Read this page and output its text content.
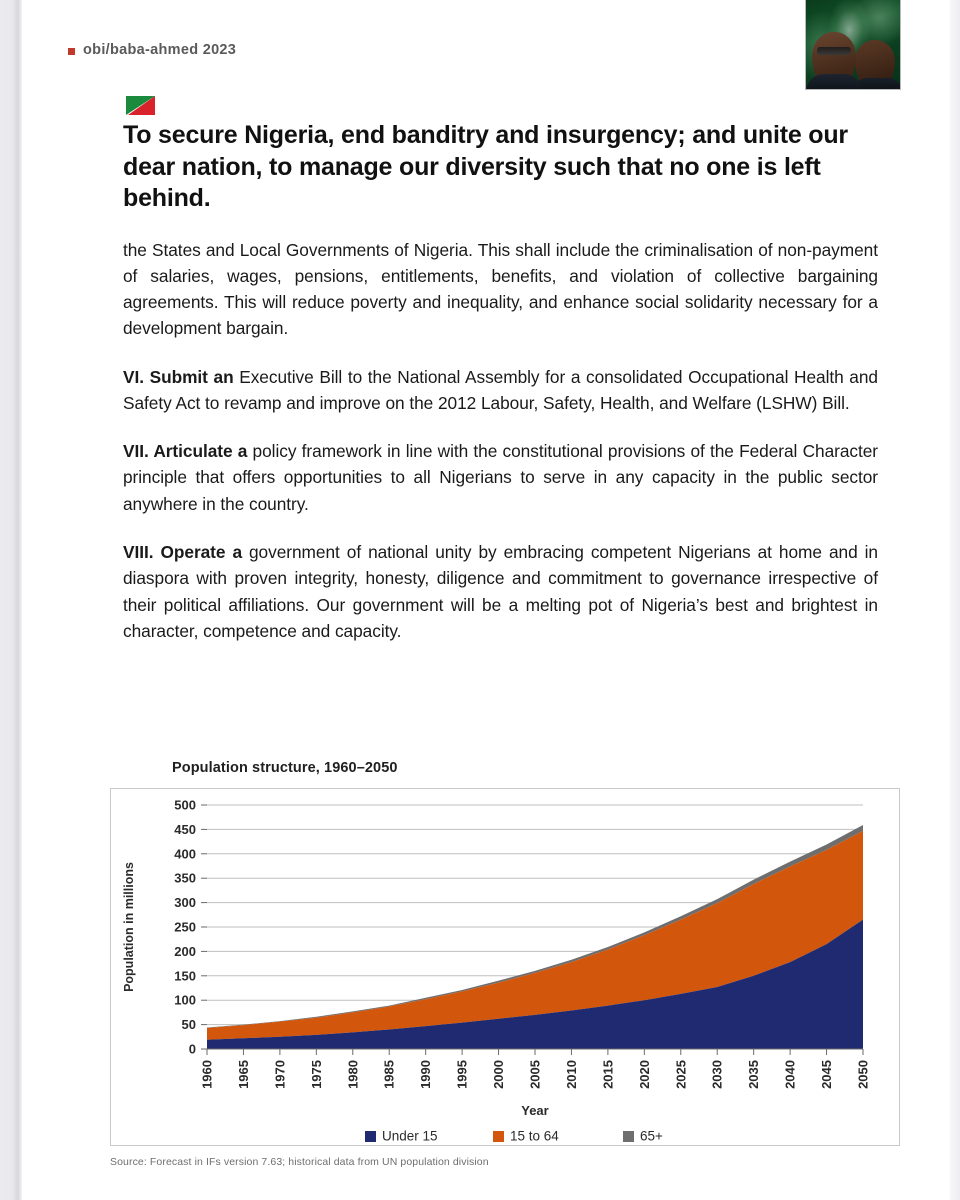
obi/baba-ahmed 2023
To secure Nigeria, end banditry and insurgency; and unite our dear nation, to manage our diversity such that no one is left behind.

the States and Local Governments of Nigeria. This shall include the criminalisation of non-payment of salaries, wages, pensions, entitlements, benefits, and violation of collective bargaining agreements. This will reduce poverty and inequality, and enhance social solidarity necessary for a development bargain.

VI. Submit an Executive Bill to the National Assembly for a consolidated Occupational Health and Safety Act to revamp and improve on the 2012 Labour, Safety, Health, and Welfare (LSHW) Bill.

VII. Articulate a policy framework in line with the constitutional provisions of the Federal Character principle that offers opportunities to all Nigerians to serve in any capacity in the public sector anywhere in the country.

VIII. Operate a government of national unity by embracing competent Nigerians at home and in diaspora with proven integrity, honesty, diligence and commitment to governance irrespective of their political affiliations. Our government will be a melting pot of Nigeria’s best and brightest in character, competence and capacity.

Population structure, 1960–2050
0
50
100
150
200
250
300
350
400
450
500
Population in millions
1960 1965 1970 1975 1980 1985 1990 1995 2000 2005 2010 2015 2020 2025 2030 2035 2040 2045 2050
Year
Under 15	15 to 64	65+
Source: Forecast in IFs version 7.63; historical data from UN population division
